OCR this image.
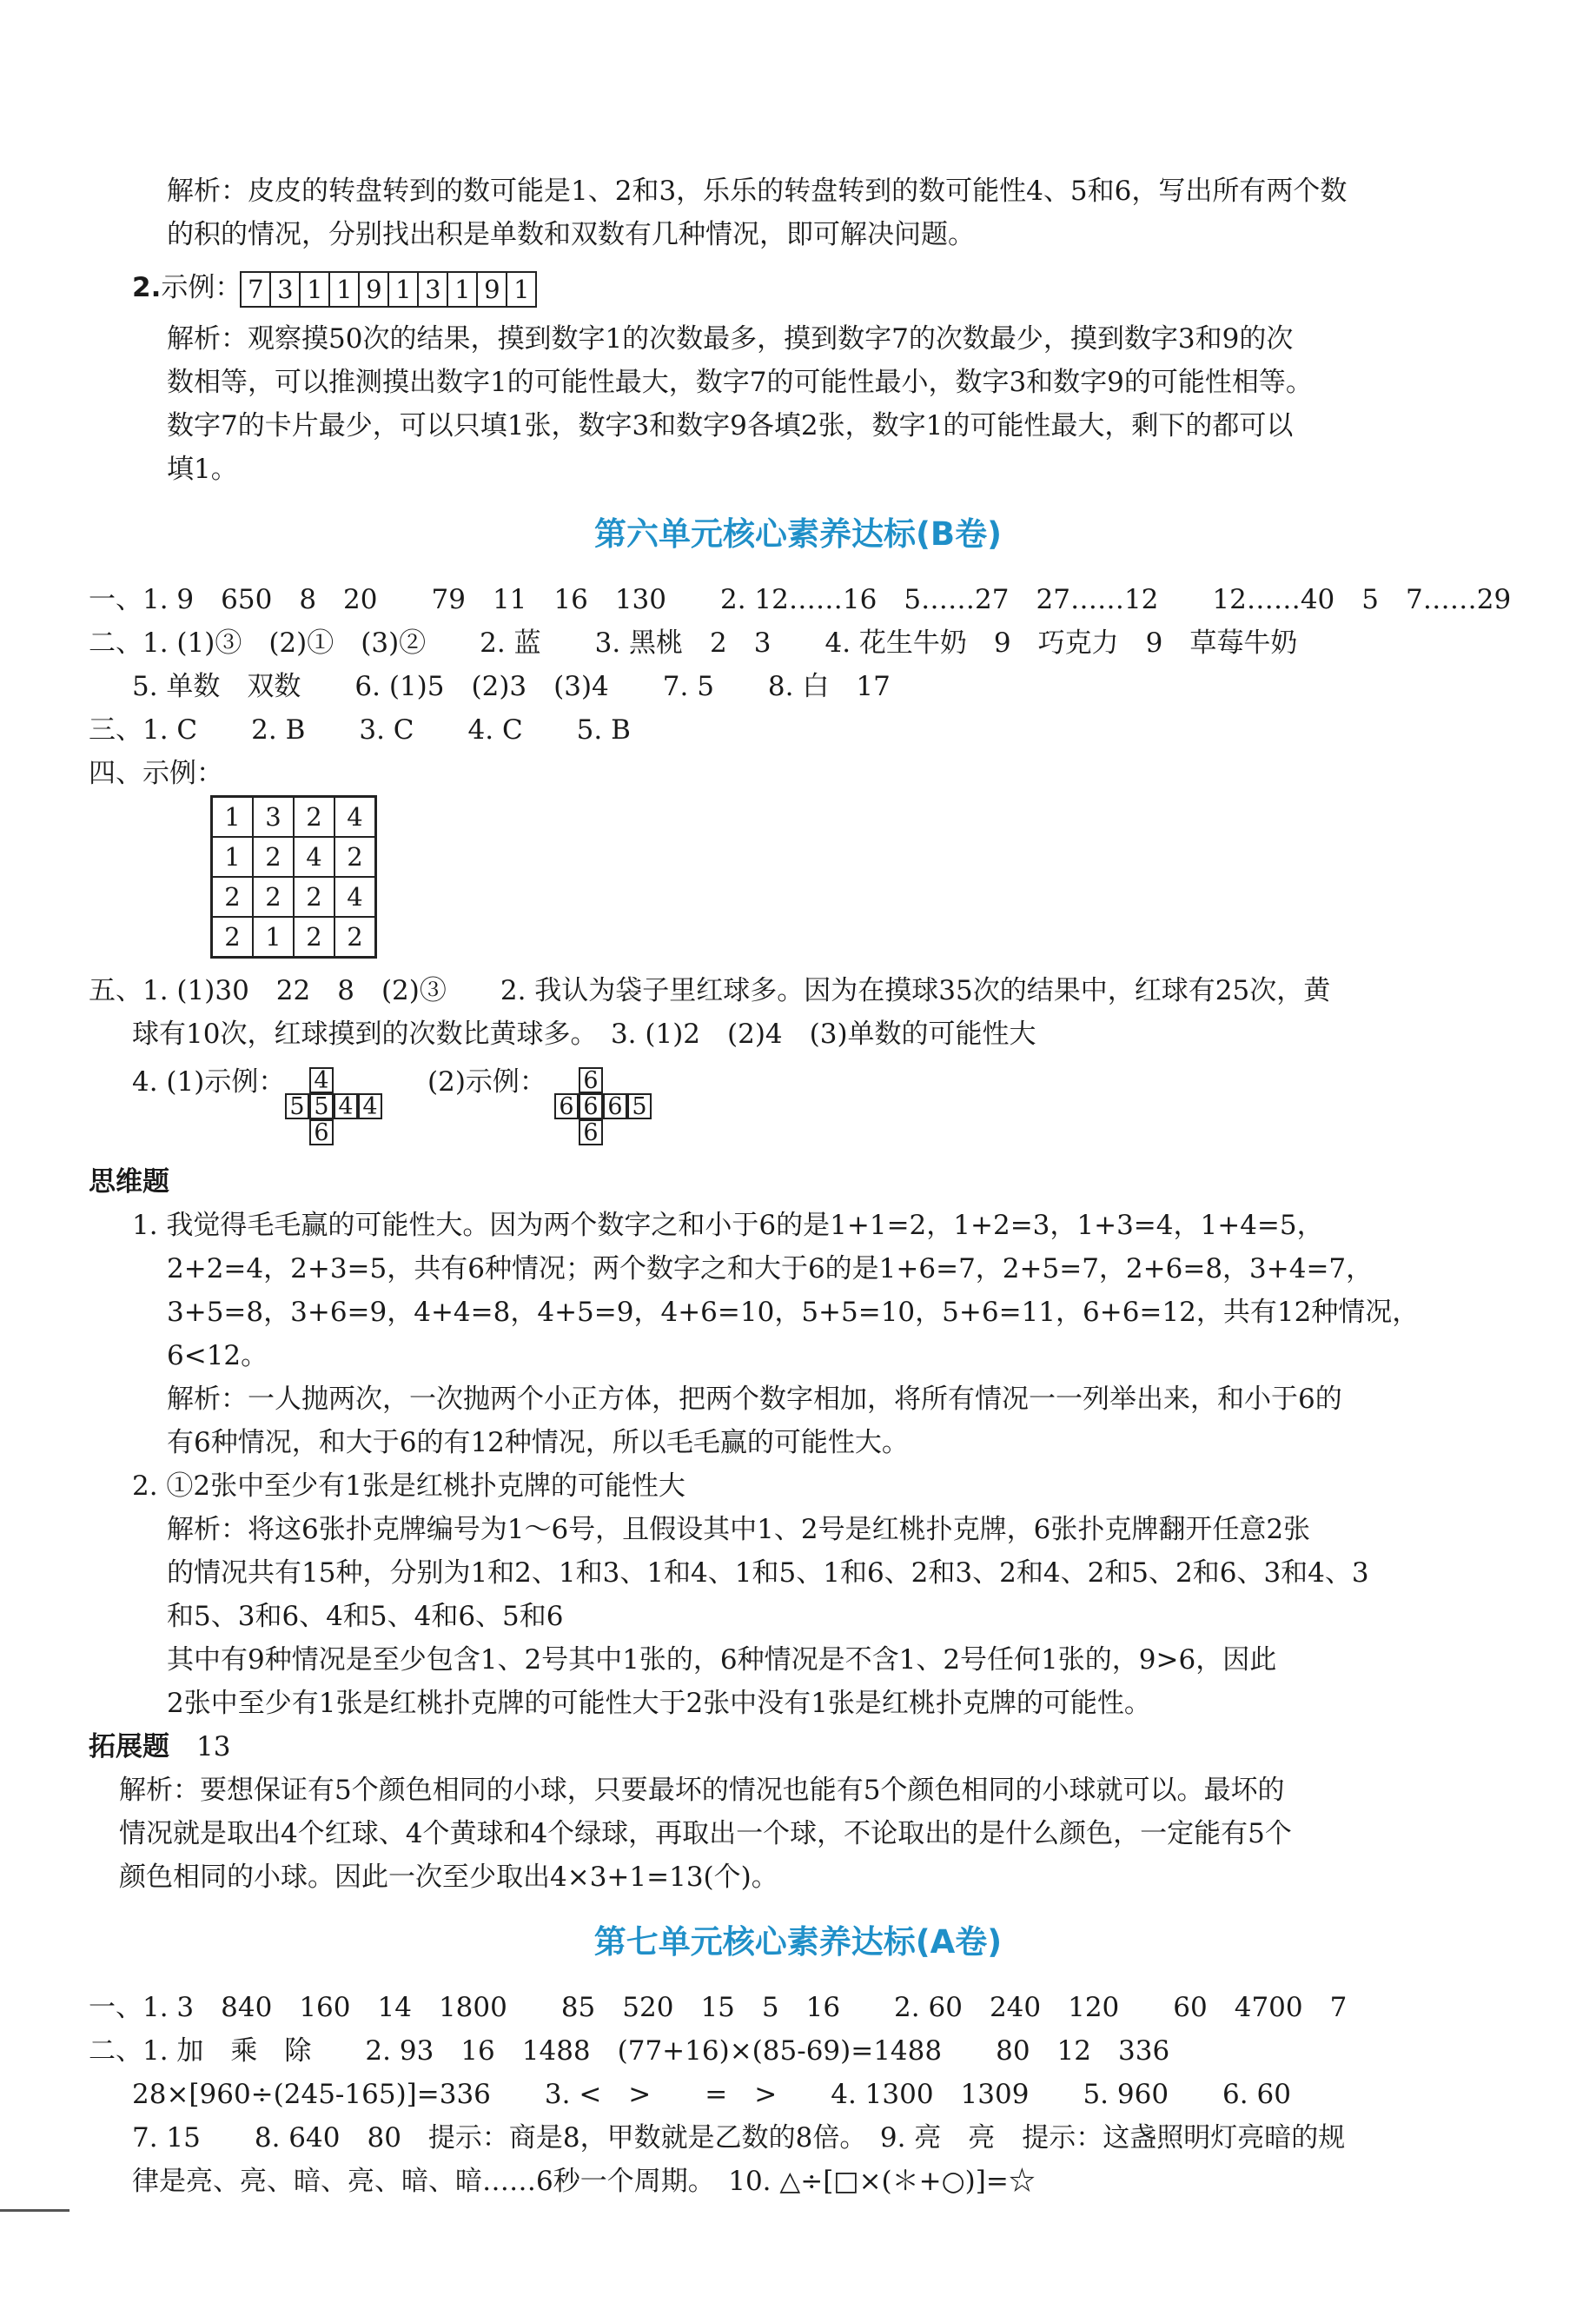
解析：皮皮的转盘转到的数可能是1、2和3，乐乐的转盘转到的数可能性4、5和6，写出所有两个数
的积的情况，分别找出积是单数和双数有几种情况，即可解决问题。
2.示例： 7 3 1 1 9 1 3 1 9 1
解析：观察摸50次的结果，摸到数字1的次数最多，摸到数字7的次数最少，摸到数字3和9的次
数相等，可以推测摸出数字1的可能性最大，数字7的可能性最小，数字3和数字9的可能性相等。
数字7的卡片最少，可以只填1张，数字3和数字9各填2张，数字1的可能性最大，剩下的都可以
填1。
第六单元核心素养达标(B卷)
一、1. 9　650　8　20　　79　11　16　130　　2. 12……16　5……27　27……12　　12……40　5　7……29
二、1. (1)③　(2)①　(3)②　　2. 蓝　　3. 黑桃　2　3　　4. 花生牛奶　9　巧克力　9　草莓牛奶
5. 单数　双数　　6. (1)5　(2)3　(3)4　　7. 5　　8. 白　17
三、1. C　　2. B　　3. C　　4. C　　5. B
四、示例：
1	3	2	4
1	2	4	2
2	2	2	4
2	1	2	2
五、1. (1)30　22　8　(2)③　　2. 我认为袋子里红球多。因为在摸球35次的结果中，红球有25次，黄
球有10次，红球摸到的次数比黄球多。　3. (1)2　(2)4　(3)单数的可能性大
4. (1)示例： 4
5 5 4 4
6
(2)示例： 6
6 6 6 5
6
思维题
1. 我觉得毛毛赢的可能性大。因为两个数字之和小于6的是1+1=2，1+2=3，1+3=4，1+4=5，
2+2=4，2+3=5，共有6种情况；两个数字之和大于6的是1+6=7，2+5=7，2+6=8，3+4=7，
3+5=8，3+6=9，4+4=8，4+5=9，4+6=10，5+5=10，5+6=11，6+6=12，共有12种情况，
6<12。
解析：一人抛两次，一次抛两个小正方体，把两个数字相加，将所有情况一一列举出来，和小于6的
有6种情况，和大于6的有12种情况，所以毛毛赢的可能性大。
2. ①2张中至少有1张是红桃扑克牌的可能性大
解析：将这6张扑克牌编号为1～6号，且假设其中1、2号是红桃扑克牌，6张扑克牌翻开任意2张
的情况共有15种，分别为1和2、1和3、1和4、1和5、1和6、2和3、2和4、2和5、2和6、3和4、3
和5、3和6、4和5、4和6、5和6
其中有9种情况是至少包含1、2号其中1张的，6种情况是不含1、2号任何1张的，9>6，因此
2张中至少有1张是红桃扑克牌的可能性大于2张中没有1张是红桃扑克牌的可能性。
拓展题　 13
解析：要想保证有5个颜色相同的小球，只要最坏的情况也能有5个颜色相同的小球就可以。最坏的
情况就是取出4个红球、4个黄球和4个绿球，再取出一个球，不论取出的是什么颜色，一定能有5个
颜色相同的小球。因此一次至少取出4×3+1=13(个)。
第七单元核心素养达标(A卷)
一、1. 3　840　160　14　1800　　85　520　15　5　16　　2. 60　240　120　　60　4700　7
二、1. 加　乘　除　　2. 93　16　1488　(77+16)×(85-69)=1488　　80　12　336
28×[960÷(245-165)]=336　　3. <　>　　=　>　　4. 1300　1309　　5. 960　　6. 60
7. 15　　8. 640　80　提示：商是8，甲数就是乙数的8倍。　9. 亮　亮　提示：这盏照明灯亮暗的规
律是亮、亮、暗、亮、暗、暗……6秒一个周期。　10. △÷[□×(＊+○)]=☆
